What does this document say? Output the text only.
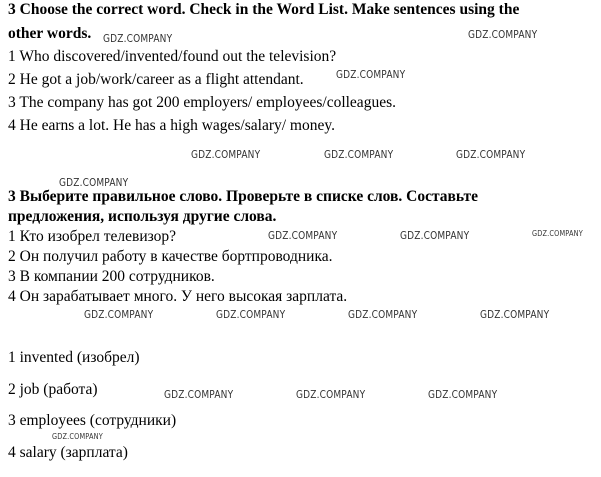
3 Choose the correct word. Check in the Word List. Make sentences using the
other words.
1 Who discovered/invented/found out the television?
2 He got a job/work/career as a flight attendant.
3 The company has got 200 employers/ employees/colleagues.
4 He earns a lot. He has a high wages/salary/ money.
3 Выберите правильное слово. Проверьте в списке слов. Составьте
предложения, используя другие слова.
1 Кто изобрел телевизор?
2 Он получил работу в качестве бортпроводника.
3 В компании 200 сотрудников.
4 Он зарабатывает много. У него высокая зарплата.
1 invented (изобрел)
2 job (работа)
3 employees (сотрудники)
4 salary (зарплата)
GDZ.COMPANY	GDZ.COMPANY
GDZ.COMPANY
GDZ.COMPANY	GDZ.COMPANY	GDZ.COMPANY
GDZ.COMPANY
GDZ.COMPANY	GDZ.COMPANY	GDZ.COMPANY
GDZ.COMPANY	GDZ.COMPANY	GDZ.COMPANY	GDZ.COMPANY
GDZ.COMPANY	GDZ.COMPANY	GDZ.COMPANY
GDZ.COMPANY
